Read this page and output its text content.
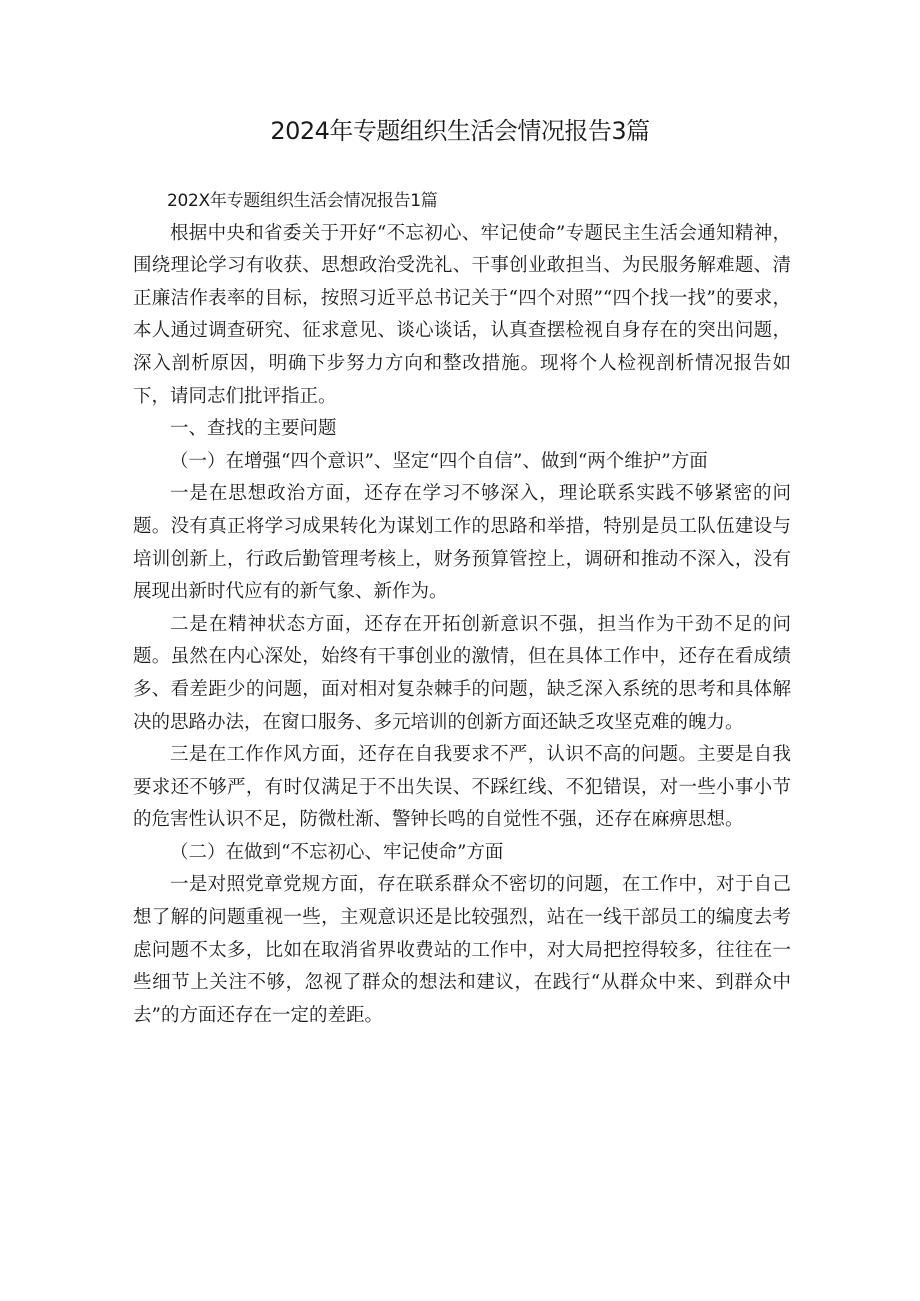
2024年专题组织生活会情况报告3篇

202X年专题组织生活会情况报告1篇

根据中央和省委关于开好“不忘初心、牢记使命”专题民主生活会通知精神，围绕理论学习有收获、思想政治受洗礼、干事创业敢担当、为民服务解难题、清正廉洁作表率的目标，按照习近平总书记关于“四个对照”“四个找一找”的要求，本人通过调查研究、征求意见、谈心谈话，认真查摆检视自身存在的突出问题，深入剖析原因，明确下步努力方向和整改措施。现将个人检视剖析情况报告如下，请同志们批评指正。

一、查找的主要问题

（一）在增强“四个意识”、坚定“四个自信”、做到“两个维护”方面

一是在思想政治方面，还存在学习不够深入，理论联系实践不够紧密的问题。没有真正将学习成果转化为谋划工作的思路和举措，特别是员工队伍建设与培训创新上，行政后勤管理考核上，财务预算管控上，调研和推动不深入，没有展现出新时代应有的新气象、新作为。

二是在精神状态方面，还存在开拓创新意识不强，担当作为干劲不足的问题。虽然在内心深处，始终有干事创业的激情，但在具体工作中，还存在看成绩多、看差距少的问题，面对相对复杂棘手的问题，缺乏深入系统的思考和具体解决的思路办法，在窗口服务、多元培训的创新方面还缺乏攻坚克难的魄力。

三是在工作作风方面，还存在自我要求不严，认识不高的问题。主要是自我要求还不够严，有时仅满足于不出失误、不踩红线、不犯错误，对一些小事小节的危害性认识不足，防微杜渐、警钟长鸣的自觉性不强，还存在麻痹思想。

（二）在做到“不忘初心、牢记使命”方面

一是对照党章党规方面，存在联系群众不密切的问题，在工作中，对于自己想了解的问题重视一些，主观意识还是比较强烈，站在一线干部员工的编度去考虑问题不太多，比如在取消省界收费站的工作中，对大局把控得较多，往往在一些细节上关注不够，忽视了群众的想法和建议，在践行“从群众中来、到群众中去”的方面还存在一定的差距。
